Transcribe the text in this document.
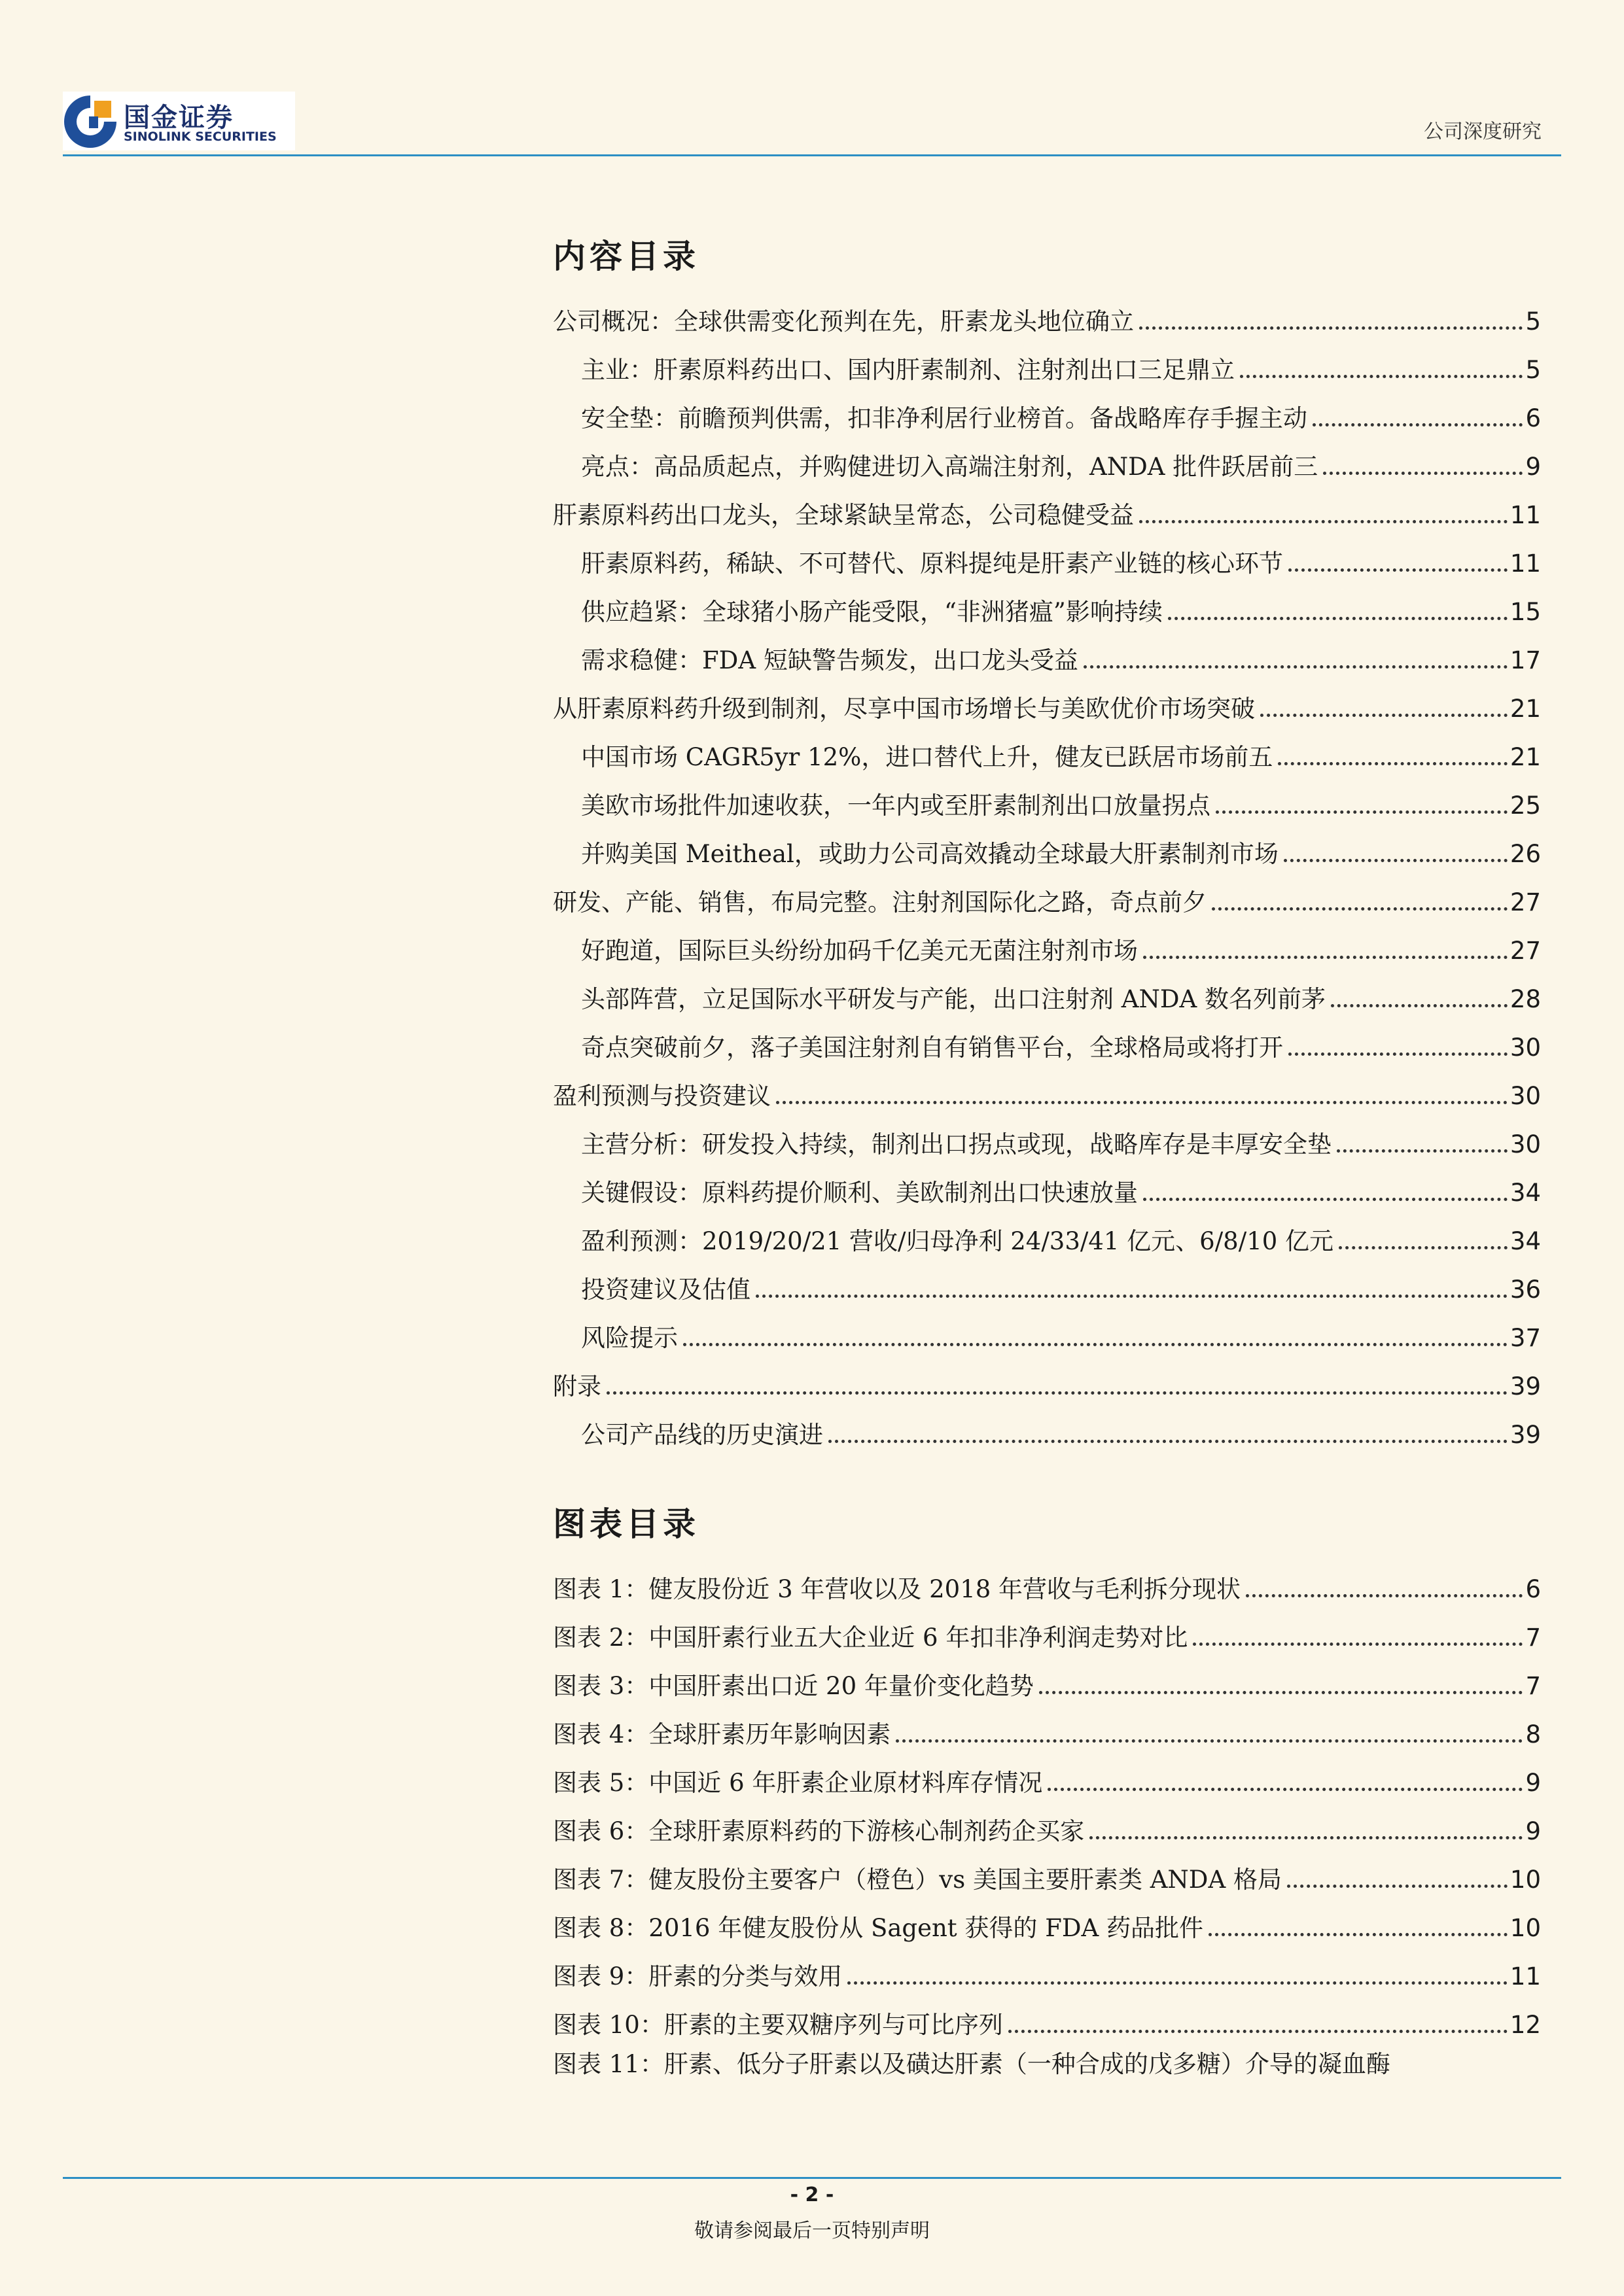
国金证券
SINOLINK SECURITIES	公司深度研究
内容目录
公司概况：全球供需变化预判在先，肝素龙头地位确立	5
主业：肝素原料药出口、国内肝素制剂、注射剂出口三足鼎立	5
安全垫：前瞻预判供需，扣非净利居行业榜首。备战略库存手握主动	6
亮点：高品质起点，并购健进切入高端注射剂，ANDA 批件跃居前三	9
肝素原料药出口龙头，全球紧缺呈常态，公司稳健受益	11
肝素原料药，稀缺、不可替代、原料提纯是肝素产业链的核心环节	11
供应趋紧：全球猪小肠产能受限，“非洲猪瘟”影响持续	15
需求稳健：FDA 短缺警告频发，出口龙头受益	17
从肝素原料药升级到制剂，尽享中国市场增长与美欧优价市场突破	21
中国市场 CAGR5yr 12%，进口替代上升，健友已跃居市场前五	21
美欧市场批件加速收获，一年内或至肝素制剂出口放量拐点	25
并购美国 Meitheal，或助力公司高效撬动全球最大肝素制剂市场	26
研发、产能、销售，布局完整。注射剂国际化之路，奇点前夕	27
好跑道，国际巨头纷纷加码千亿美元无菌注射剂市场	27
头部阵营，立足国际水平研发与产能，出口注射剂 ANDA 数名列前茅	28
奇点突破前夕，落子美国注射剂自有销售平台，全球格局或将打开	30
盈利预测与投资建议	30
主营分析：研发投入持续，制剂出口拐点或现，战略库存是丰厚安全垫	30
关键假设：原料药提价顺利、美欧制剂出口快速放量	34
盈利预测：2019/20/21 营收/归母净利 24/33/41 亿元、6/8/10 亿元	34
投资建议及估值	36
风险提示	37
附录	39
公司产品线的历史演进	39
图表目录
图表 1：健友股份近 3 年营收以及 2018 年营收与毛利拆分现状	6
图表 2：中国肝素行业五大企业近 6 年扣非净利润走势对比	7
图表 3：中国肝素出口近 20 年量价变化趋势	7
图表 4：全球肝素历年影响因素	8
图表 5：中国近 6 年肝素企业原材料库存情况	9
图表 6：全球肝素原料药的下游核心制剂药企买家	9
图表 7：健友股份主要客户（橙色）vs 美国主要肝素类 ANDA 格局	10
图表 8：2016 年健友股份从 Sagent 获得的 FDA 药品批件	10
图表 9：肝素的分类与效用	11
图表 10：肝素的主要双糖序列与可比序列	12
图表 11：肝素、低分子肝素以及磺达肝素（一种合成的戊多糖）介导的凝血酶
- 2 -
敬请参阅最后一页特别声明
